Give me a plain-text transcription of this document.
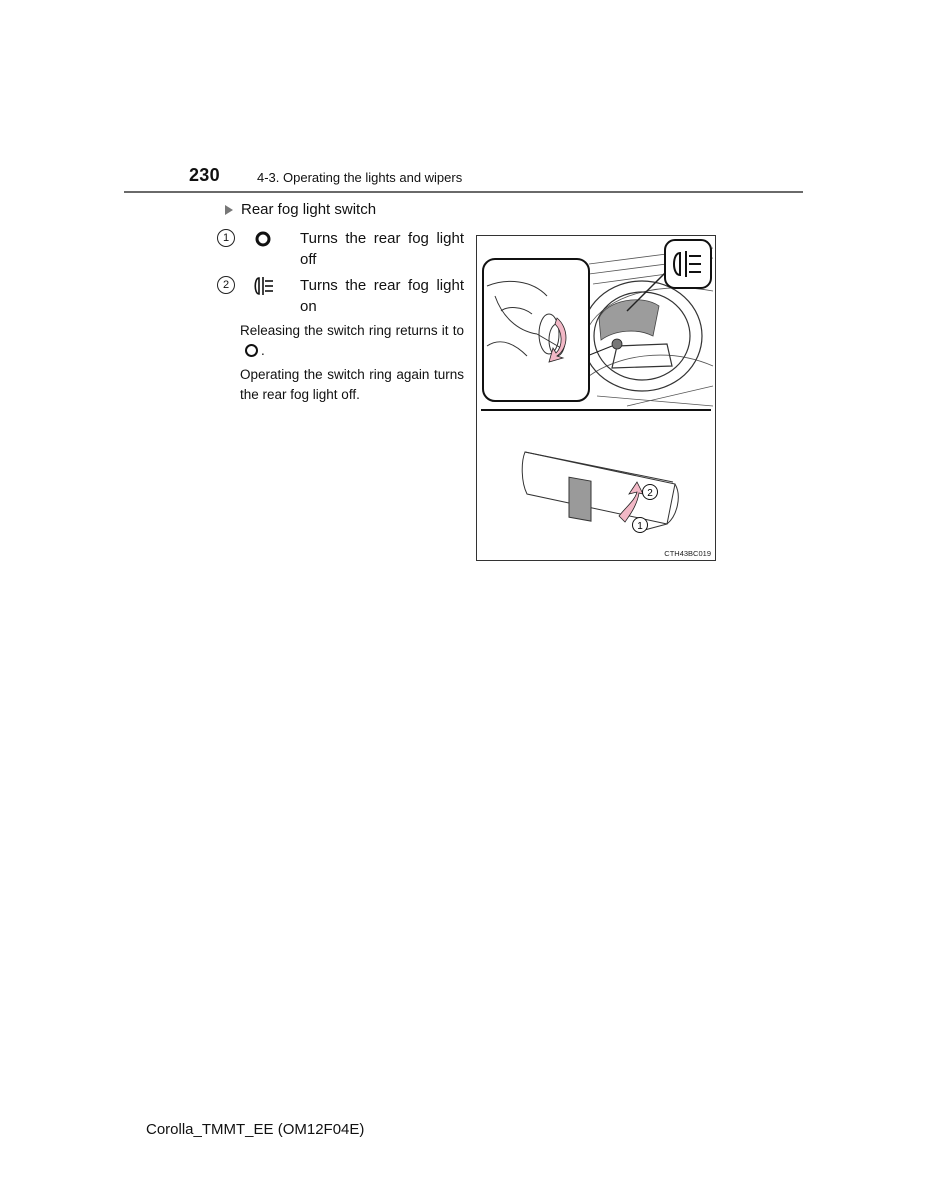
230	4-3. Operating the lights and wipers
Rear fog light switch
1	Turns the rear fog light off
2	Turns the rear fog light on
Releasing the switch ring returns it to.
Operating the switch ring again turns the rear fog light off.
2
1
CTH43BC019
Corolla_TMMT_EE (OM12F04E)
